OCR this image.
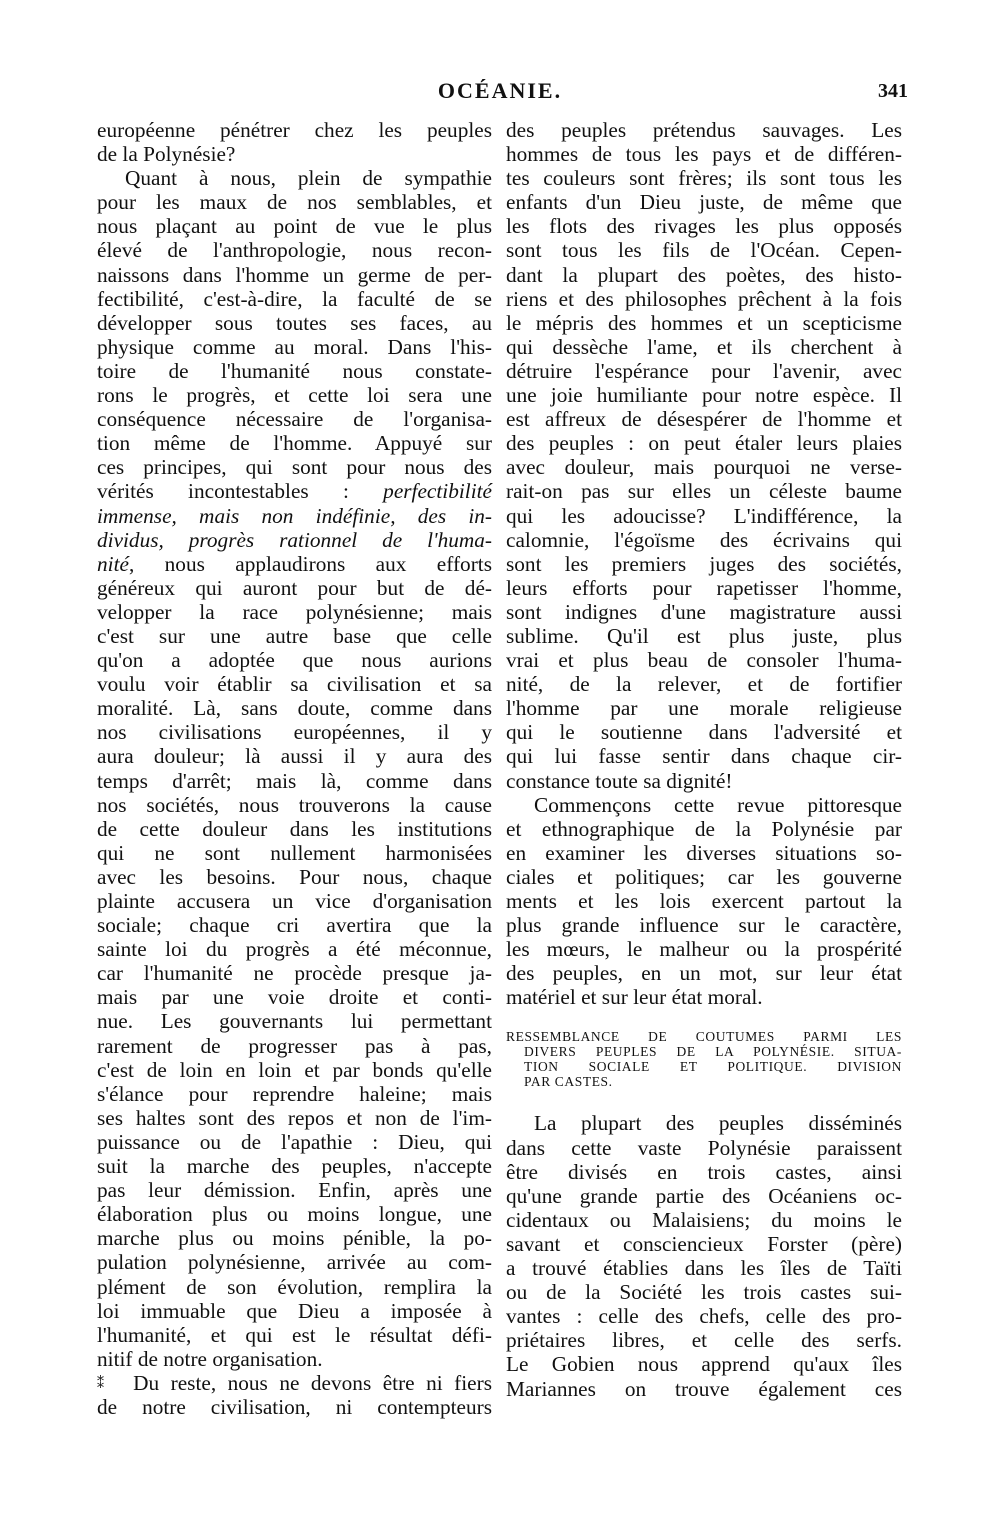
OCÉANIE.	341
européenne pénétrer chez les peuples
de la Polynésie?
Quant à nous, plein de sympathie
pour les maux de nos semblables, et
nous plaçant au point de vue le plus
élevé de l'anthropologie, nous recon-
naissons dans l'homme un germe de per-
fectibilité, c'est-à-dire, la faculté de se
développer sous toutes ses faces, au
physique comme au moral. Dans l'his-
toire de l'humanité nous constate-
rons le progrès, et cette loi sera une
conséquence nécessaire de l'organisa-
tion même de l'homme. Appuyé sur
ces principes, qui sont pour nous des
vérités incontestables : perfectibilité
immense, mais non indéfinie, des in-
dividus, progrès rationnel de l'huma-
nité, nous applaudirons aux efforts
généreux qui auront pour but de dé-
velopper la race polynésienne; mais
c'est sur une autre base que celle
qu'on a adoptée que nous aurions
voulu voir établir sa civilisation et sa
moralité. Là, sans doute, comme dans
nos civilisations européennes, il y
aura douleur; là aussi il y aura des
temps d'arrêt; mais là, comme dans
nos sociétés, nous trouverons la cause
de cette douleur dans les institutions
qui ne sont nullement harmonisées
avec les besoins. Pour nous, chaque
plainte accusera un vice d'organisation
sociale; chaque cri avertira que la
sainte loi du progrès a été méconnue,
car l'humanité ne procède presque ja-
mais par une voie droite et conti-
nue. Les gouvernants lui permettant
rarement de progresser pas à pas,
c'est de loin en loin et par bonds qu'elle
s'élance pour reprendre haleine; mais
ses haltes sont des repos et non de l'im-
puissance ou de l'apathie : Dieu, qui
suit la marche des peuples, n'accepte
pas leur démission. Enfin, après une
élaboration plus ou moins longue, une
marche plus ou moins pénible, la po-
pulation polynésienne, arrivée au com-
plément de son évolution, remplira la
loi immuable que Dieu a imposée à
l'humanité, et qui est le résultat défi-
nitif de notre organisation.
⁑ Du reste, nous ne devons être ni fiers
de notre civilisation, ni contempteurs
des peuples prétendus sauvages. Les
hommes de tous les pays et de différen-
tes couleurs sont frères; ils sont tous les
enfants d'un Dieu juste, de même que
les flots des rivages les plus opposés
sont tous les fils de l'Océan. Cepen-
dant la plupart des poètes, des histo-
riens et des philosophes prêchent à la fois
le mépris des hommes et un scepticisme
qui dessèche l'ame, et ils cherchent à
détruire l'espérance pour l'avenir, avec
une joie humiliante pour notre espèce. Il
est affreux de désespérer de l'homme et
des peuples : on peut étaler leurs plaies
avec douleur, mais pourquoi ne verse-
rait-on pas sur elles un céleste baume
qui les adoucisse? L'indifférence, la
calomnie, l'égoïsme des écrivains qui
sont les premiers juges des sociétés,
leurs efforts pour rapetisser l'homme,
sont indignes d'une magistrature aussi
sublime. Qu'il est plus juste, plus
vrai et plus beau de consoler l'huma-
nité, de la relever, et de fortifier
l'homme par une morale religieuse
qui le soutienne dans l'adversité et
qui lui fasse sentir dans chaque cir-
constance toute sa dignité!
Commençons cette revue pittoresque
et ethnographique de la Polynésie par
en examiner les diverses situations so-
ciales et politiques; car les gouverne
ments et les lois exercent partout la
plus grande influence sur le caractère,
les mœurs, le malheur ou la prospérité
des peuples, en un mot, sur leur état
matériel et sur leur état moral.
RESSEMBLANCE DE COUTUMES PARMI LES
DIVERS PEUPLES DE LA POLYNÉSIE. SITUA-
TION SOCIALE ET POLITIQUE. DIVISION
PAR CASTES.
La plupart des peuples disséminés
dans cette vaste Polynésie paraissent
être divisés en trois castes, ainsi
qu'une grande partie des Océaniens oc-
cidentaux ou Malaisiens; du moins le
savant et consciencieux Forster (père)
a trouvé établies dans les îles de Taïti
ou de la Société les trois castes sui-
vantes : celle des chefs, celle des pro-
priétaires libres, et celle des serfs.
Le Gobien nous apprend qu'aux îles
Mariannes on trouve également ces
